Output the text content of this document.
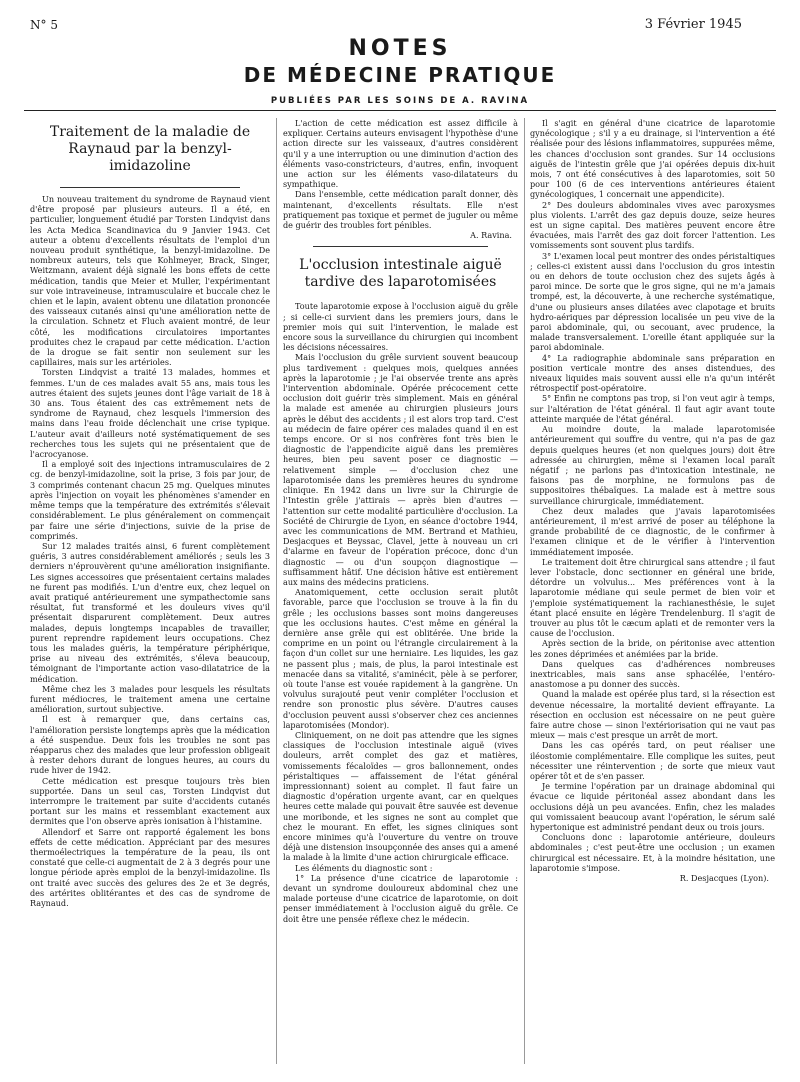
N° 5	3 Février 1945
NOTES
DE MÉDECINE PRATIQUE
PUBLIÉES PAR LES SOINS DE A. RAVINA
Traitement de la maladie de Raynaud par la benzyl-imidazoline

Un nouveau traitement du syndrome de Raynaud vient d'être proposé par plusieurs auteurs. Il a été, en particulier, longuement étudié par Torsten Lindqvist dans les Acta Medica Scandinavica du 9 Janvier 1943. Cet auteur a obtenu d'excellents résultats de l'emploi d'un nouveau produit synthétique, la benzyl-imidazoline. De nombreux auteurs, tels que Kohlmeyer, Brack, Singer, Weitzmann, avaient déjà signalé les bons effets de cette médication, tandis que Meier et Muller, l'expérimentant sur voie intraveineuse, intramusculaire et buccale chez le chien et le lapin, avaient obtenu une dilatation prononcée des vaisseaux cutanés ainsi qu'une amélioration nette de la circulation. Schnetz et Fluch avaient montré, de leur côté, les modifications circulatoires importantes produites chez le crapaud par cette médication. L'action de la drogue se fait sentir non seulement sur les capillaires, mais sur les artérioles.

Torsten Lindqvist a traité 13 malades, hommes et femmes. L'un de ces malades avait 55 ans, mais tous les autres étaient des sujets jeunes dont l'âge variait de 18 à 30 ans. Tous étaient des cas extrêmement nets de syndrome de Raynaud, chez lesquels l'immersion des mains dans l'eau froide déclenchait une crise typique. L'auteur avait d'ailleurs noté systématiquement de ses recherches tous les sujets qui ne présentaient que de l'acrocyanose.

Il a employé soit des injections intramusculaires de 2 cg. de benzyl-imidazoline, soit la prise, 3 fois par jour, de 3 comprimés contenant chacun 25 mg. Quelques minutes après l'injection on voyait les phénomènes s'amender en même temps que la température des extrémités s'élevait considérablement. Le plus généralement on commençait par faire une série d'injections, suivie de la prise de comprimés.

Sur 12 malades traités ainsi, 6 furent complètement guéris, 3 autres considérablement améliorés ; seuls les 3 derniers n'éprouvèrent qu'une amélioration insignifiante. Les signes accessoires que présentaient certains malades ne furent pas modifiés. L'un d'entre eux, chez lequel on avait pratiqué antérieurement une sympathectomie sans résultat, fut transformé et les douleurs vives qu'il présentait disparurent complètement. Deux autres malades, depuis longtemps incapables de travailler, purent reprendre rapidement leurs occupations. Chez tous les malades guéris, la température périphérique, prise au niveau des extrémités, s'éleva beaucoup, témoignant de l'importante action vaso-dilatatrice de la médication.

Même chez les 3 malades pour lesquels les résultats furent médiocres, le traitement amena une certaine amélioration, surtout subjective.

Il est à remarquer que, dans certains cas, l'amélioration persiste longtemps après que la médication a été suspendue. Deux fois les troubles ne sont pas réapparus chez des malades que leur profession obligeait à rester dehors durant de longues heures, au cours du rude hiver de 1942.

Cette médication est presque toujours très bien supportée. Dans un seul cas, Torsten Lindqvist dut interrompre le traitement par suite d'accidents cutanés portant sur les mains et ressemblant exactement aux dermites que l'on observe après ionisation à l'histamine.

Allendorf et Sarre ont rapporté également les bons effets de cette médication. Appréciant par des mesures thermoélectriques la température de la peau, ils ont constaté que celle-ci augmentait de 2 à 3 degrés pour une longue période après emploi de la benzyl-imidazoline. Ils ont traité avec succès des gelures des 2e et 3e degrés, des artérites oblitérantes et des cas de syndrome de Raynaud.

L'action de cette médication est assez difficile à expliquer. Certains auteurs envisagent l'hypothèse d'une action directe sur les vaisseaux, d'autres considèrent qu'il y a une interruption ou une diminution d'action des éléments vaso-constricteurs, d'autres, enfin, invoquent une action sur les éléments vaso-dilatateurs du sympathique.

Dans l'ensemble, cette médication paraît donner, dès maintenant, d'excellents résultats. Elle n'est pratiquement pas toxique et permet de juguler ou même de guérir des troubles fort pénibles.

A. Ravina.

L'occlusion intestinale aiguë tardive des laparotomisées

Toute laparotomie expose à l'occlusion aiguë du grêle ; si celle-ci survient dans les premiers jours, dans le premier mois qui suit l'intervention, le malade est encore sous la surveillance du chirurgien qui incombent les décisions nécessaires.

Mais l'occlusion du grêle survient souvent beaucoup plus tardivement : quelques mois, quelques années après la laparotomie ; je l'ai observée trente ans après l'intervention abdominale. Opérée précocement cette occlusion doit guérir très simplement. Mais en général la malade est amenée au chirurgien plusieurs jours après le début des accidents ; il est alors trop tard. C'est au médecin de faire opérer ces malades quand il en est temps encore. Or si nos confrères font très bien le diagnostic de l'appendicite aiguë dans les premières heures, bien peu savent poser ce diagnostic — relativement simple — d'occlusion chez une laparotomisée dans les premières heures du syndrome clinique. En 1942 dans un livre sur la Chirurgie de l'Intestin grêle j'attirais — après bien d'autres — l'attention sur cette modalité particulière d'occlusion. La Société de Chirurgie de Lyon, en séance d'octobre 1944, avec les communications de MM. Bertrand et Mathieu, Desjacques et Beyssac, Clavel, jette à nouveau un cri d'alarme en faveur de l'opération précoce, donc d'un diagnostic — ou d'un soupçon diagnostique — suffisamment hâtif. Une décision hâtive est entièrement aux mains des médecins praticiens.

Anatomiquement, cette occlusion serait plutôt favorable, parce que l'occlusion se trouve à la fin du grêle ; les occlusions basses sont moins dangereuses que les occlusions hautes. C'est même en général la dernière anse grêle qui est oblitérée. Une bride la comprime en un point ou l'étrangle circulairement à la façon d'un collet sur une herniaire. Les liquides, les gaz ne passent plus ; mais, de plus, la paroi intestinale est menacée dans sa vitalité, s'aminécit, pèle à se perforer, où toute l'anse est vouée rapidement à la gangrène. Un volvulus surajouté peut venir compléter l'occlusion et rendre son pronostic plus sévère. D'autres causes d'occlusion peuvent aussi s'observer chez ces anciennes laparotomisées (Mondor).

Cliniquement, on ne doit pas attendre que les signes classiques de l'occlusion intestinale aiguë (vives douleurs, arrêt complet des gaz et matières, vomissements fécaloïdes — gros ballonnement, ondes péristaltiques — affaissement de l'état général impressionnant) soient au complet. Il faut faire un diagnostic d'opération urgente avant, car en quelques heures cette malade qui pouvait être sauvée est devenue une moribonde, et les signes ne sont au complet que chez le mourant. En effet, les signes cliniques sont encore minimes qu'à l'ouverture du ventre on trouve déjà une distension insoupçonnée des anses qui a amené la malade à la limite d'une action chirurgicale efficace.

Les éléments du diagnostic sont :

1° La présence d'une cicatrice de laparotomie : devant un syndrome douloureux abdominal chez une malade porteuse d'une cicatrice de laparotomie, on doit penser immédiatement à l'occlusion aiguë du grêle. Ce doit être une pensée réflexe chez le médecin.

Il s'agit en général d'une cicatrice de laparotomie gynécologique ; s'il y a eu drainage, si l'intervention a été réalisée pour des lésions inflammatoires, suppurées même, les chances d'occlusion sont grandes. Sur 14 occlusions aiguës de l'intestin grêle que j'ai opérées depuis dix-huit mois, 7 ont été consécutives à des laparotomies, soit 50 pour 100 (6 de ces interventions antérieures étaient gynécologiques, 1 concernait une appendicite).

2° Des douleurs abdominales vives avec paroxysmes plus violents. L'arrêt des gaz depuis douze, seize heures est un signe capital. Des matières peuvent encore être évacuées, mais l'arrêt des gaz doit forcer l'attention. Les vomissements sont souvent plus tardifs.

3° L'examen local peut montrer des ondes péristaltiques ; celles-ci existent aussi dans l'occlusion du gros intestin ou en dehors de toute occlusion chez des sujets âgés à paroi mince. De sorte que le gros signe, qui ne m'a jamais trompé, est, la découverte, à une recherche systématique, d'une ou plusieurs anses dilatées avec clapotage et bruits hydro-aériques par dépression localisée un peu vive de la paroi abdominale, qui, ou secouant, avec prudence, la malade transversalement. L'oreille étant appliquée sur la paroi abdominale.

4° La radiographie abdominale sans préparation en position verticale montre des anses distendues, des niveaux liquides mais souvent aussi elle n'a qu'un intérêt rétrospectif post-opératoire.

5° Enfin ne comptons pas trop, si l'on veut agir à temps, sur l'altération de l'état général. Il faut agir avant toute atteinte marquée de l'état général.

Au moindre doute, la malade laparotomisée antérieurement qui souffre du ventre, qui n'a pas de gaz depuis quelques heures (et non quelques jours) doit être adressée au chirurgien, même si l'examen local paraît négatif ; ne parlons pas d'intoxication intestinale, ne faisons pas de morphine, ne formulons pas de suppositoires thébaïques. La malade est à mettre sous surveillance chirurgicale, immédiatement.

Chez deux malades que j'avais laparotomisées antérieurement, il m'est arrivé de poser au téléphone la grande probabilité de ce diagnostic, de le confirmer à l'examen clinique et de le vérifier à l'intervention immédiatement imposée.

Le traitement doit être chirurgical sans attendre ; il faut lever l'obstacle, donc sectionner en général une bride, détordre un volvulus... Mes préférences vont à la laparotomie médiane qui seule permet de bien voir et j'emploie systématiquement la rachianesthésie, le sujet étant placé ensuite en légère Trendelenburg. Il s'agit de trouver au plus tôt le cæcum aplati et de remonter vers la cause de l'occlusion.

Après section de la bride, on péritonise avec attention les zones déprimées et anémiées par la bride.

Dans quelques cas d'adhérences nombreuses inextricables, mais sans anse sphacélée, l'entéro-anastomose a pu donner des succès.

Quand la malade est opérée plus tard, si la résection est devenue nécessaire, la mortalité devient effrayante. La résection en occlusion est nécessaire on ne peut guère faire autre chose — sinon l'extériorisation qui ne vaut pas mieux — mais c'est presque un arrêt de mort.

Dans les cas opérés tard, on peut réaliser une iléostomie complémentaire. Elle complique les suites, peut nécessiter une réintervention ; de sorte que mieux vaut opérer tôt et de s'en passer.

Je termine l'opération par un drainage abdominal qui évacue ce liquide péritonéal assez abondant dans les occlusions déjà un peu avancées. Enfin, chez les malades qui vomissaient beaucoup avant l'opération, le sérum salé hypertonique est administré pendant deux ou trois jours.

Concluons donc : laparotomie antérieure, douleurs abdominales ; c'est peut-être une occlusion ; un examen chirurgical est nécessaire. Et, à la moindre hésitation, une laparotomie s'impose.

R. Desjacques (Lyon).
